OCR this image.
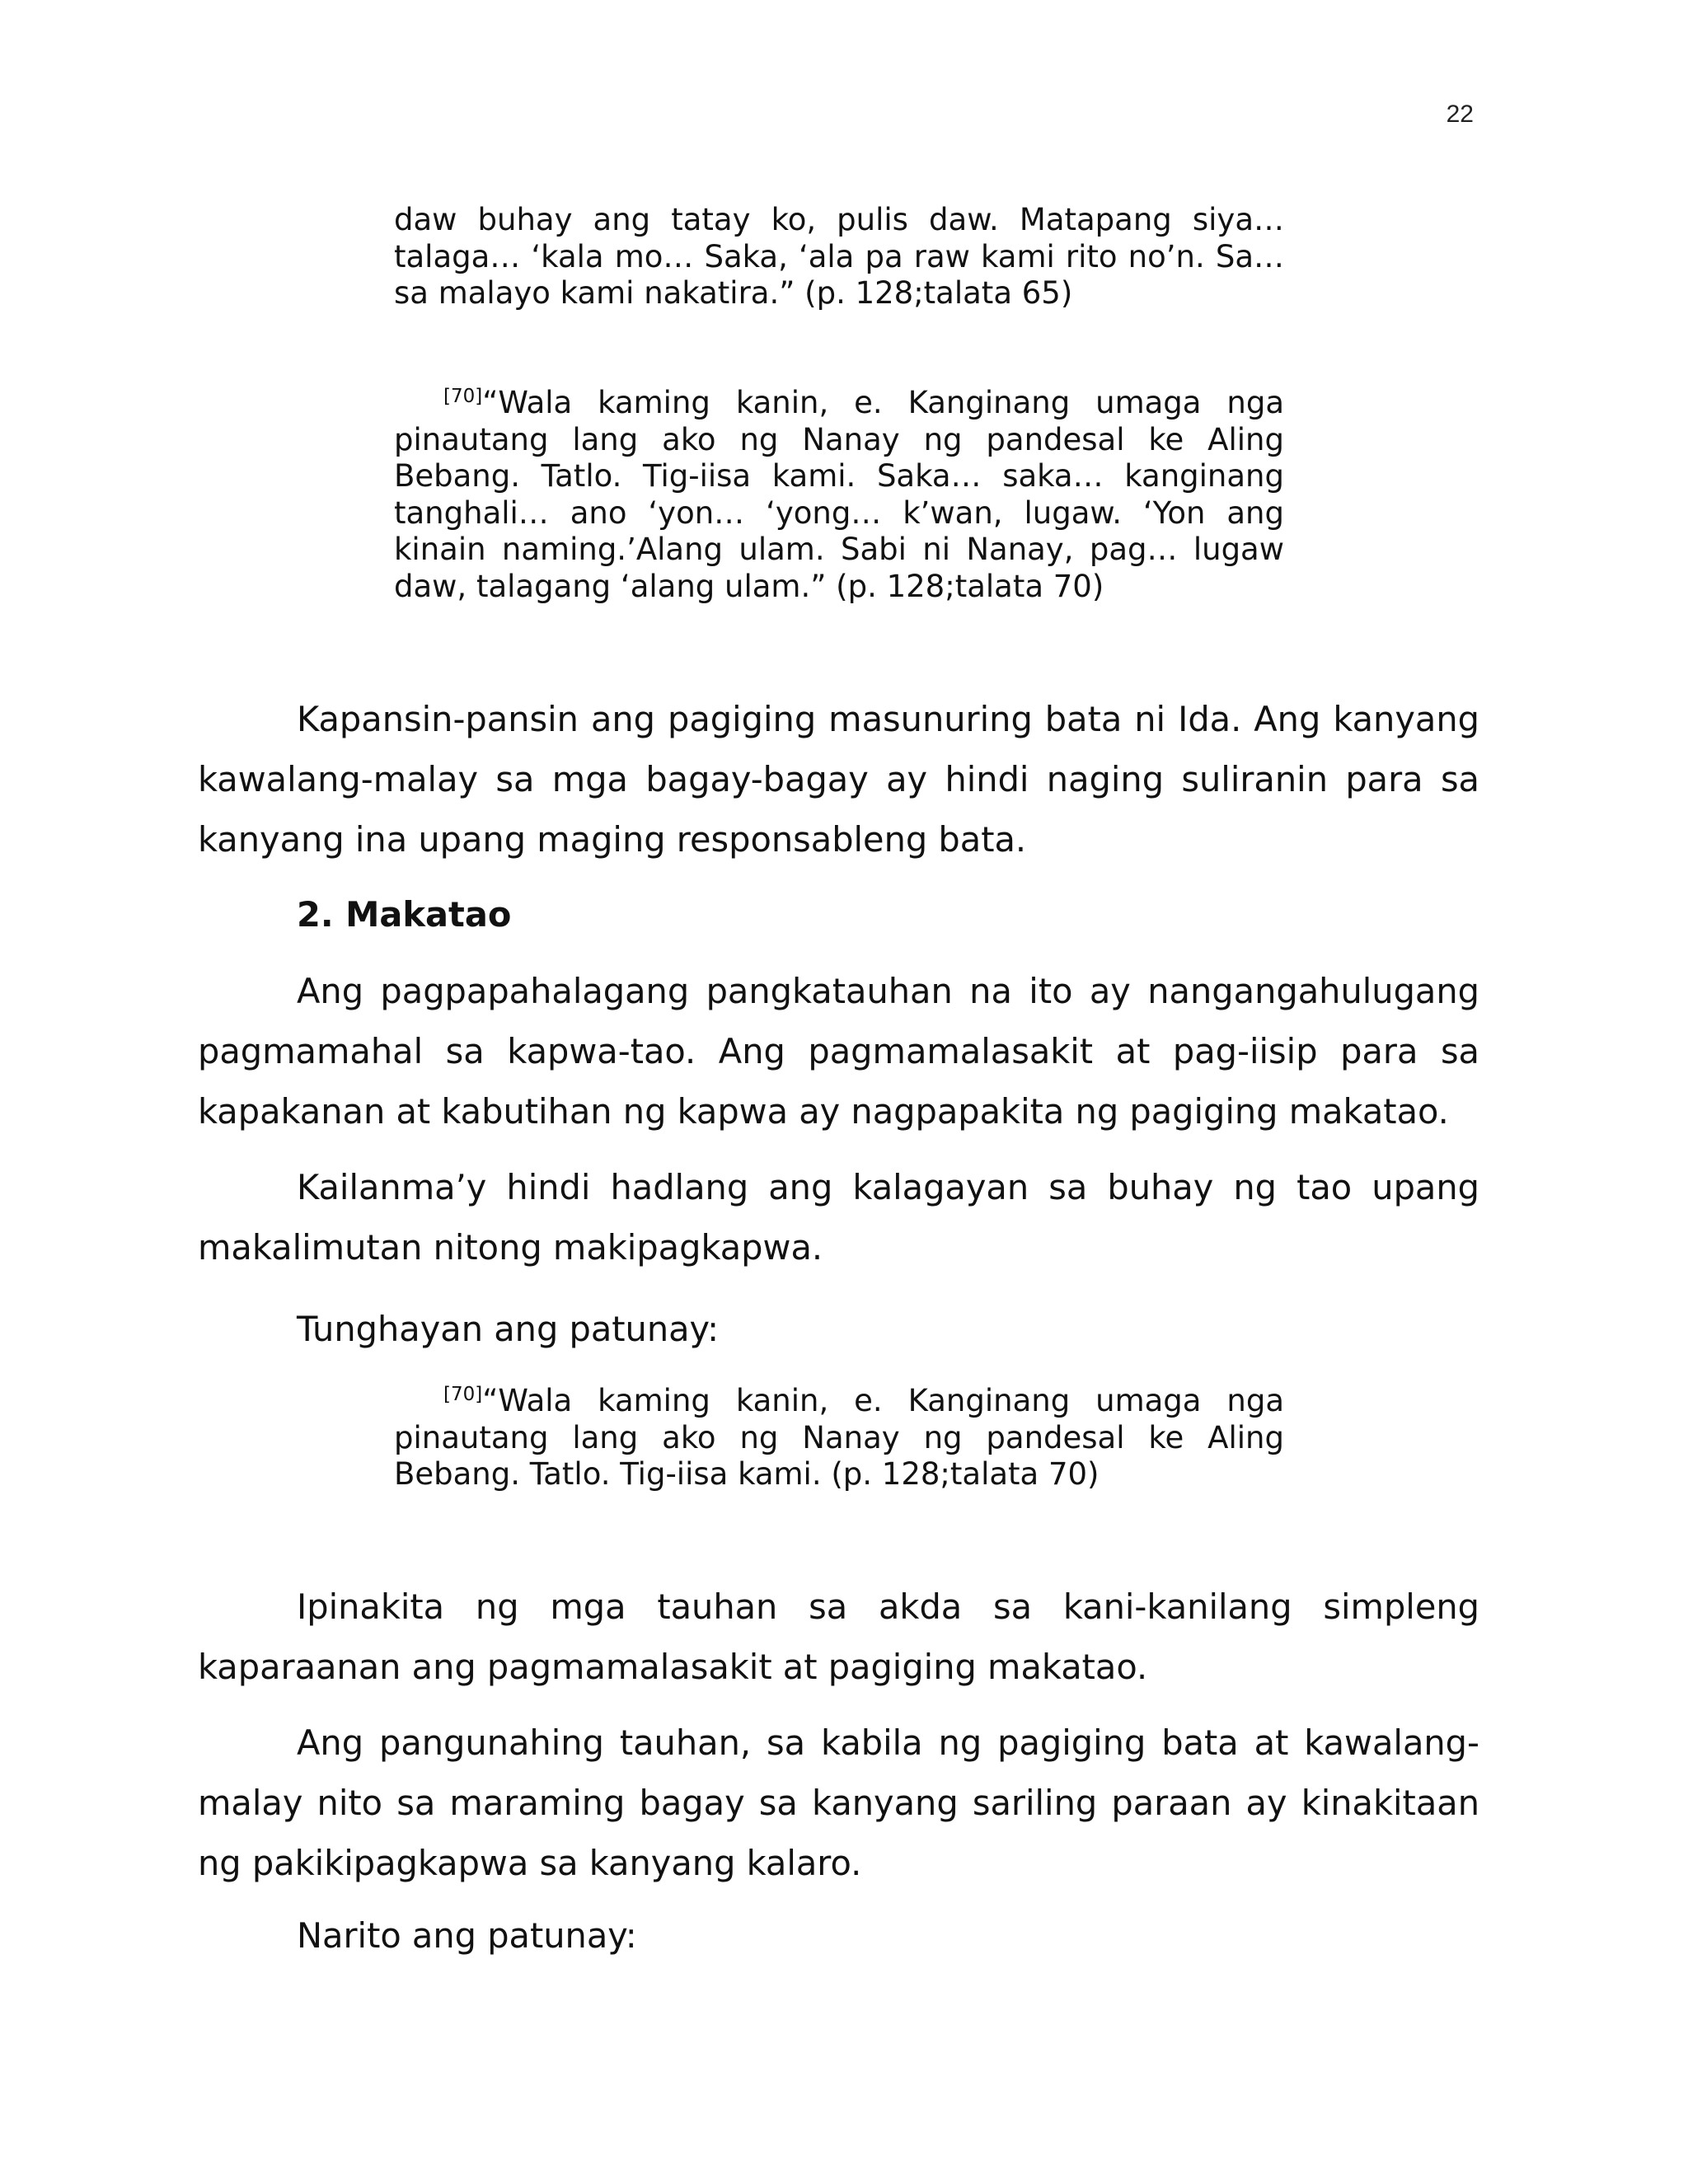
22

daw buhay ang tatay ko, pulis daw. Matapang siya… talaga… ‘kala mo… Saka, ‘ala pa raw kami rito no’n. Sa… sa malayo kami nakatira.” (p. 128;talata 65)

[70]“Wala kaming kanin, e. Kanginang umaga nga pinautang lang ako ng Nanay ng pandesal ke Aling Bebang. Tatlo. Tig-iisa kami. Saka… saka… kanginang tanghali… ano ‘yon… ‘yong… k’wan, lugaw. ‘Yon ang kinain naming.’Alang ulam. Sabi ni Nanay, pag… lugaw daw, talagang ‘alang ulam.” (p. 128;talata 70)

Kapansin-pansin ang pagiging masunuring bata ni Ida. Ang kanyang kawalang-malay sa mga bagay-bagay ay hindi naging suliranin para sa kanyang ina upang maging responsableng bata.

2. Makatao

Ang pagpapahalagang pangkatauhan na ito ay nangangahulugang pagmamahal sa kapwa-tao. Ang pagmamalasakit at pag-iisip para sa kapakanan at kabutihan ng kapwa ay nagpapakita ng pagiging makatao.

Kailanma’y hindi hadlang ang kalagayan sa buhay ng tao upang makalimutan nitong makipagkapwa.

Tunghayan ang patunay:

[70]“Wala kaming kanin, e. Kanginang umaga nga pinautang lang ako ng Nanay ng pandesal ke Aling Bebang. Tatlo. Tig-iisa kami. (p. 128;talata 70)

Ipinakita ng mga tauhan sa akda sa kani-kanilang simpleng kaparaanan ang pagmamalasakit at pagiging makatao.

Ang pangunahing tauhan, sa kabila ng pagiging bata at kawalang-malay nito sa maraming bagay sa kanyang sariling paraan ay kinakitaan ng pakikipagkapwa sa kanyang kalaro.

Narito ang patunay:
